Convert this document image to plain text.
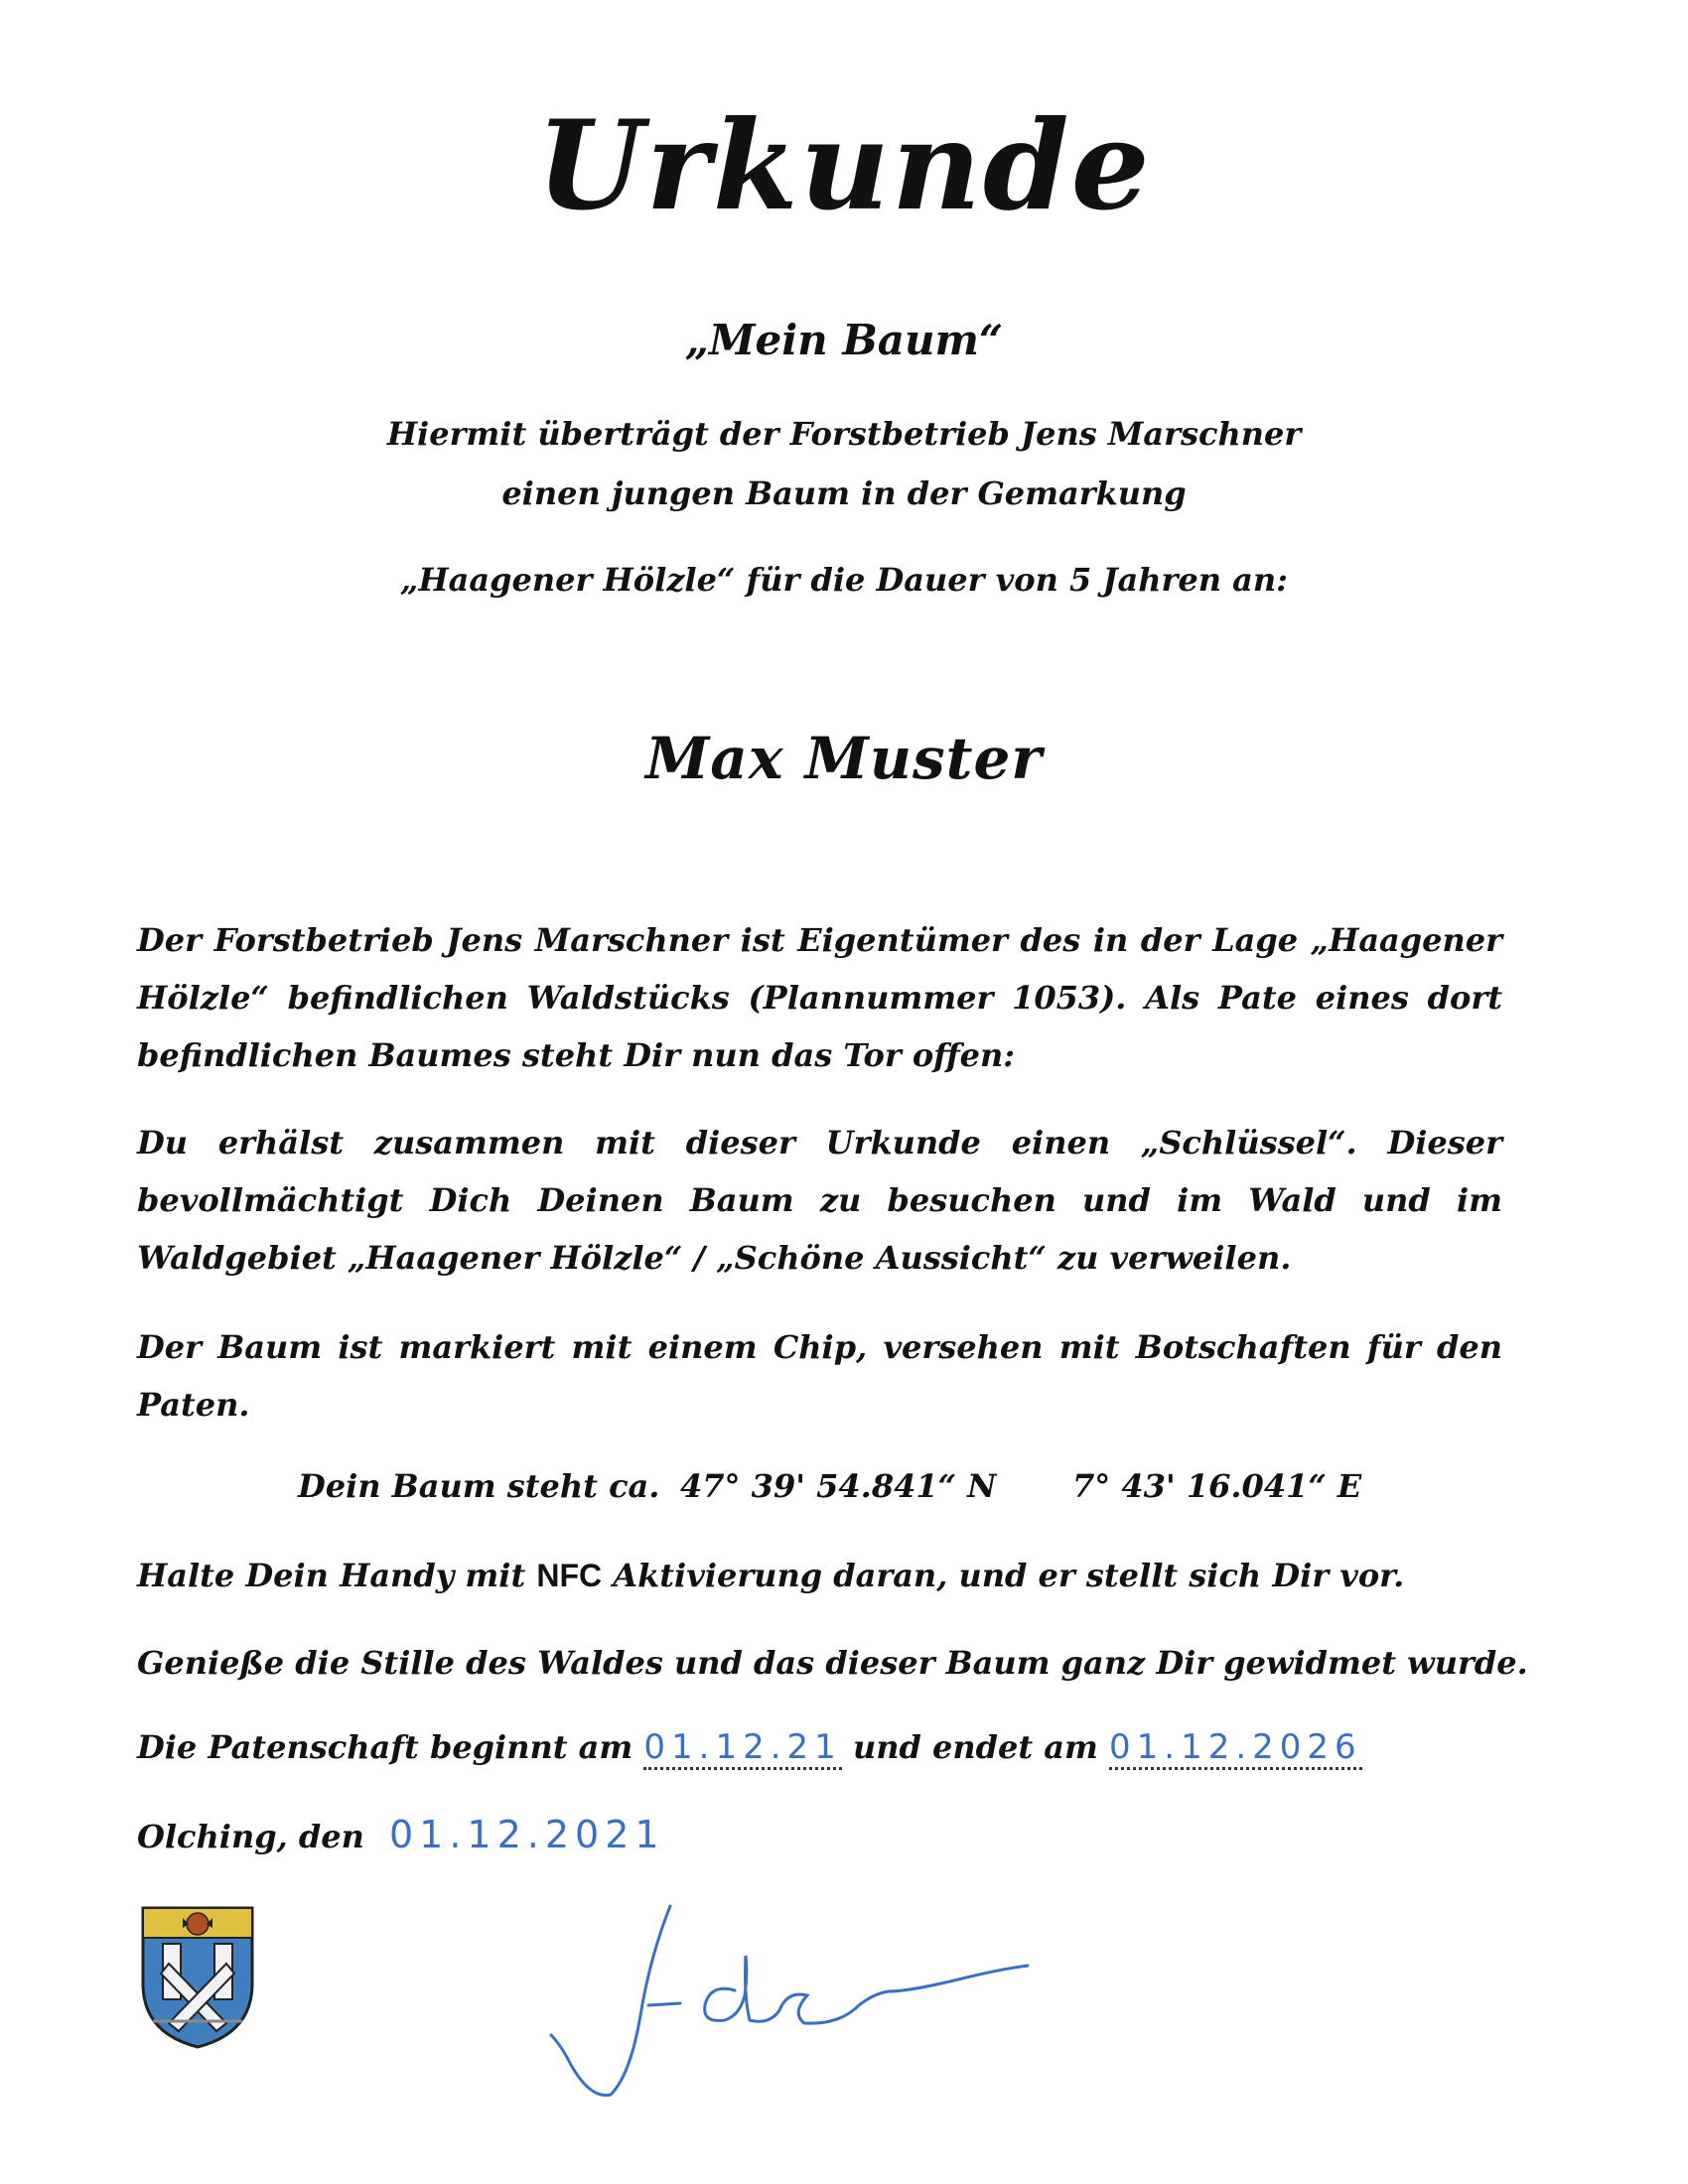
Urkunde
„Mein Baum“
Hiermit überträgt der Forstbetrieb Jens Marschner
einen jungen Baum in der Gemarkung
„Haagener Hölzle“ für die Dauer von 5 Jahren an:
Max Muster
Der Forstbetrieb Jens Marschner ist Eigentümer des in der Lage „Haagener Hölzle“ befindlichen Waldstücks (Plannummer 1053). Als Pate eines dort befindlichen Baumes steht Dir nun das Tor offen:
Du erhälst zusammen mit dieser Urkunde einen „Schlüssel“. Dieser bevollmächtigt Dich Deinen Baum zu besuchen und im Wald und im Waldgebiet „Haagener Hölzle“ / „Schöne Aussicht“ zu verweilen.
Der Baum ist markiert mit einem Chip, versehen mit Botschaften für den Paten.
Dein Baum steht ca. 47° 39' 54.841“ N 7° 43' 16.041“ E
Halte Dein Handy mit NFC Aktivierung daran, und er stellt sich Dir vor.
Genieße die Stille des Waldes und das dieser Baum ganz Dir gewidmet wurde.
Die Patenschaft beginnt am 01.12.21 und endet am 01.12.2026
Olching, den 01.12.2021
